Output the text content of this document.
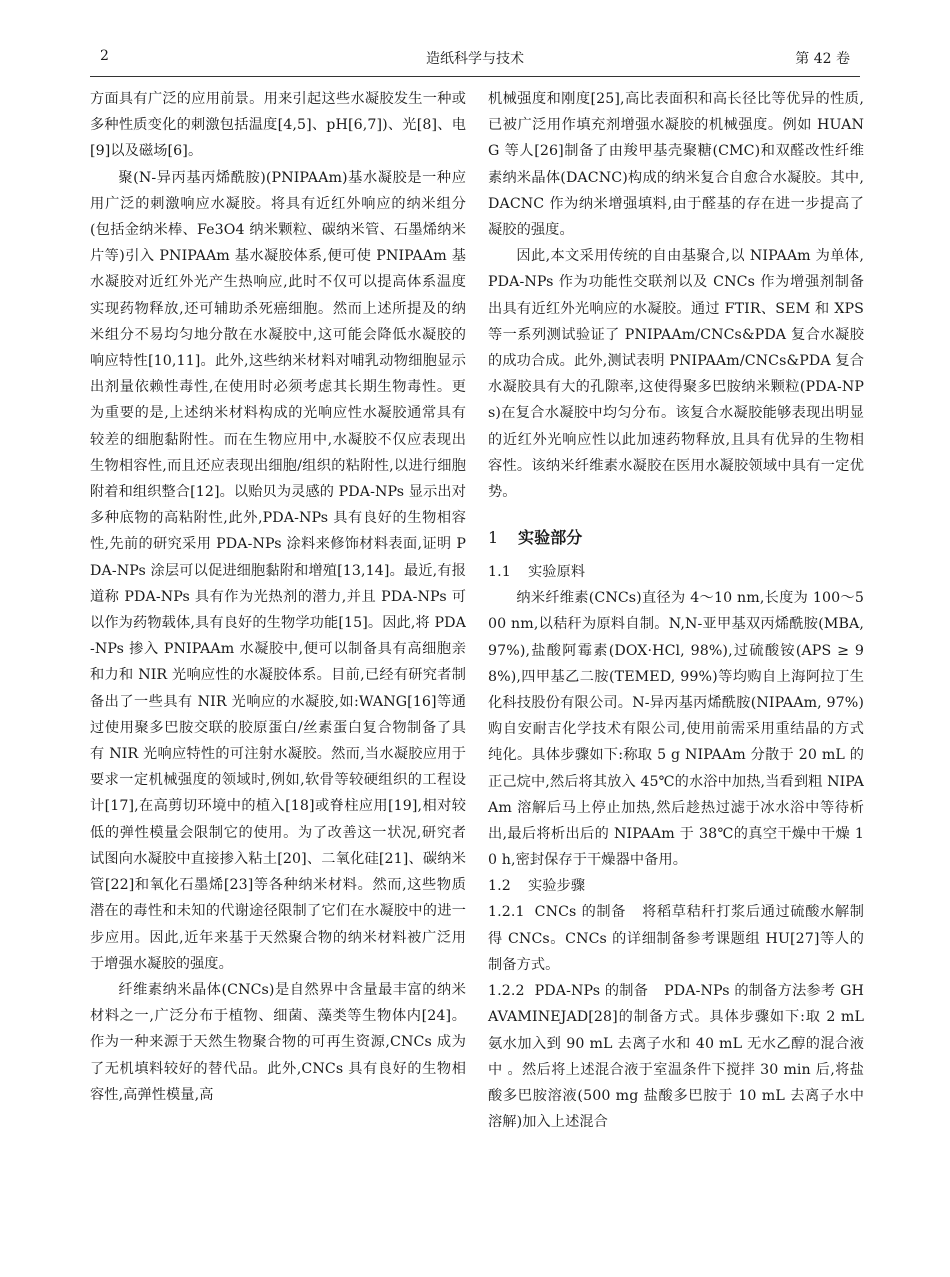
2	造纸科学与技术	第 42 卷

方面具有广泛的应用前景。用来引起这些水凝胶发生一种或多种性质变化的刺激包括温度[4,5]、pH[6,7])、光[8]、电[9]以及磁场[6]。

聚(N-异丙基丙烯酰胺)(PNIPAAm)基水凝胶是一种应用广泛的刺激响应水凝胶。将具有近红外响应的纳米组分(包括金纳米棒、Fe3O4 纳米颗粒、碳纳米管、石墨烯纳米片等)引入 PNIPAAm 基水凝胶体系,便可使 PNIPAAm 基水凝胶对近红外光产生热响应,此时不仅可以提高体系温度实现药物释放,还可辅助杀死癌细胞。然而上述所提及的纳米组分不易均匀地分散在水凝胶中,这可能会降低水凝胶的响应特性[10,11]。此外,这些纳米材料对哺乳动物细胞显示出剂量依赖性毒性,在使用时必须考虑其长期生物毒性。更为重要的是,上述纳米材料构成的光响应性水凝胶通常具有较差的细胞黏附性。而在生物应用中,水凝胶不仅应表现出生物相容性,而且还应表现出细胞/组织的粘附性,以进行细胞附着和组织整合[12]。以贻贝为灵感的 PDA-NPs 显示出对多种底物的高粘附性,此外,PDA-NPs 具有良好的生物相容性,先前的研究采用 PDA-NPs 涂料来修饰材料表面,证明 PDA-NPs 涂层可以促进细胞黏附和增殖[13,14]。最近,有报道称 PDA-NPs 具有作为光热剂的潜力,并且 PDA-NPs 可以作为药物载体,具有良好的生物学功能[15]。因此,将 PDA-NPs 掺入 PNIPAAm 水凝胶中,便可以制备具有高细胞亲和力和 NIR 光响应性的水凝胶体系。目前,已经有研究者制备出了一些具有 NIR 光响应的水凝胶,如:WANG[16]等通过使用聚多巴胺交联的胶原蛋白/丝素蛋白复合物制备了具有 NIR 光响应特性的可注射水凝胶。然而,当水凝胶应用于要求一定机械强度的领域时,例如,软骨等较硬组织的工程设计[17],在高剪切环境中的植入[18]或脊柱应用[19],相对较低的弹性模量会限制它的使用。为了改善这一状况,研究者试图向水凝胶中直接掺入粘土[20]、二氧化硅[21]、碳纳米管[22]和氧化石墨烯[23]等各种纳米材料。然而,这些物质潜在的毒性和未知的代谢途径限制了它们在水凝胶中的进一步应用。因此,近年来基于天然聚合物的纳米材料被广泛用于增强水凝胶的强度。

纤维素纳米晶体(CNCs)是自然界中含量最丰富的纳米材料之一,广泛分布于植物、细菌、藻类等生物体内[24]。作为一种来源于天然生物聚合物的可再生资源,CNCs 成为了无机填料较好的替代品。此外,CNCs 具有良好的生物相容性,高弹性模量,高

机械强度和刚度[25],高比表面积和高长径比等优异的性质,已被广泛用作填充剂增强水凝胶的机械强度。例如 HUANG 等人[26]制备了由羧甲基壳聚糖(CMC)和双醛改性纤维素纳米晶体(DACNC)构成的纳米复合自愈合水凝胶。其中,DACNC 作为纳米增强填料,由于醛基的存在进一步提高了凝胶的强度。

因此,本文采用传统的自由基聚合,以 NIPAAm 为单体,PDA-NPs 作为功能性交联剂以及 CNCs 作为增强剂制备出具有近红外光响应的水凝胶。通过 FTIR、SEM 和 XPS 等一系列测试验证了 PNIPAAm/CNCs&PDA 复合水凝胶的成功合成。此外,测试表明 PNIPAAm/CNCs&PDA 复合水凝胶具有大的孔隙率,这使得聚多巴胺纳米颗粒(PDA-NPs)在复合水凝胶中均匀分布。该复合水凝胶能够表现出明显的近红外光响应性以此加速药物释放,且具有优异的生物相容性。该纳米纤维素水凝胶在医用水凝胶领域中具有一定优势。

1 实验部分
1.1 实验原料

纳米纤维素(CNCs)直径为 4～10 nm,长度为 100～500 nm,以秸秆为原料自制。N,N-亚甲基双丙烯酰胺(MBA, 97%),盐酸阿霉素(DOX·HCl, 98%),过硫酸铵(APS ≥ 98%),四甲基乙二胺(TEMED, 99%)等均购自上海阿拉丁生化科技股份有限公司。N-异丙基丙烯酰胺(NIPAAm, 97%)购自安耐吉化学技术有限公司,使用前需采用重结晶的方式纯化。具体步骤如下:称取 5 g NIPAAm 分散于 20 mL 的正己烷中,然后将其放入 45℃的水浴中加热,当看到粗 NIPAAm 溶解后马上停止加热,然后趁热过滤于冰水浴中等待析出,最后将析出后的 NIPAAm 于 38℃的真空干燥中干燥 10 h,密封保存于干燥器中备用。

1.2 实验步骤

1.2.1 CNCs 的制备 将稻草秸秆打浆后通过硫酸水解制得 CNCs。CNCs 的详细制备参考课题组 HU[27]等人的制备方式。

1.2.2 PDA-NPs 的制备 PDA-NPs 的制备方法参考 GHAVAMINEJAD[28]的制备方式。具体步骤如下:取 2 mL 氨水加入到 90 mL 去离子水和 40 mL 无水乙醇的混合液中 。然后将上述混合液于室温条件下搅拌 30 min 后,将盐酸多巴胺溶液(500 mg 盐酸多巴胺于 10 mL 去离子水中溶解)加入上述混合
